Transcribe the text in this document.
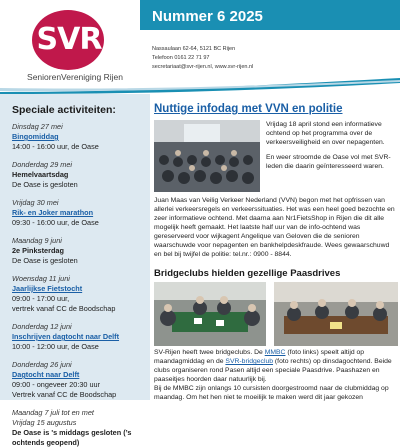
SVR
SeniorenVereniging Rijen
Nummer 6 2025
Nassaulaan 62-64, 5121 BC Rijen
Telefoon 0161 22 71 97
secretariaat@svr-rijen.nl, www.svr-rijen.nl
Speciale activiteiten:
Dinsdag 27 mei
Bingomiddag
14:00 - 16:00 uur, de Oase
Donderdag 29 mei
Hemelvaartsdag
De Oase is gesloten
Vrijdag 30 mei
Rik- en Joker marathon
09:30 - 16:00 uur, de Oase
Maandag 9 juni
2e Pinksterdag
De Oase is gesloten
Woensdag 11 juni
Jaarlijkse Fietstocht
09:00 - 17:00 uur,
vertrek vanaf CC de Boodschap
Donderdag 12 juni
Inschrijven dagtocht naar Delft
10:00 - 12:00 uur, de Oase
Donderdag 26 juni
Dagtocht naar Delft
09:00 - ongeveer 20:30 uur
Vertrek vanaf CC de Boodschap
Maandag 7 juli tot en met
Vrijdag 15 augustus
De Oase is 's middags gesloten (’s ochtends geopend)
Nuttige infodag met VVN en politie

Vrijdag 18 april stond een informatieve ochtend op het programma over de verkeersveiligheid en over nepagenten.

En weer stroomde de Oase vol met SVR-leden die daarin geïnteresseerd waren.

Juan Maas van Veilig Verkeer Nederland (VVN) begon met het opfrissen van allerlei verkeersregels en verkeerssituaties. Het was een heel goed bezochte en zeer informatieve ochtend. Met daarna aan Nr1FietsShop in Rijen die dit alle mogelijk heeft gemaakt. Het laatste half uur van de info-ochtend was gereserveerd voor wijkagent Angelique van Geloven die de senioren waarschuwde voor nepagenten en bankhelpdeskfraude. Wees gewaarschuwd en bel bij twijfel de politie: tel.nr.: 0900 - 8844.

Bridgeclubs hielden gezellige Paasdrives

SV-Rijen heeft twee bridgeclubs. De MMBC (foto links) speelt altijd op maandagmiddag en de SVR-bridgeclub (foto rechts) op dinsdagochtend. Beide clubs organiseren rond Pasen altijd een speciale Paasdrive. Paashazen en paaseitjes hoorden daar natuurlijk bij.
Bij de MMBC zijn onlangs 10 cursisten doorgestroomd naar de clubmiddag op maandag. Om het hen niet te moeilijk te maken werd dit jaar gekozen
